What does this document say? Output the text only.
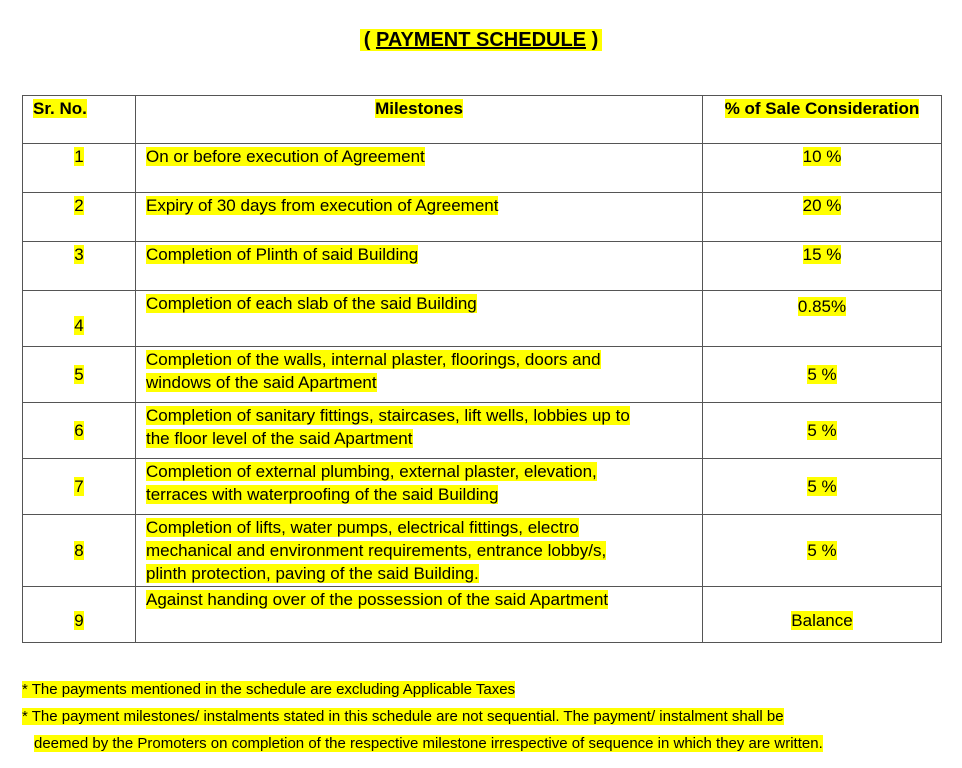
( PAYMENT SCHEDULE )
Sr. No.	Milestones	% of Sale Consideration

1	On or before execution of Agreement	10 %

2	Expiry of 30 days from execution of Agreement	20 %

3	Completion of Plinth of said Building	15 %

4	Completion of each slab of the said Building	0.85%

5	Completion of the walls, internal plaster, floorings, doors and
windows of the said Apartment	5 %

6	Completion of sanitary fittings, staircases, lift wells, lobbies up to
the floor level of the said Apartment	5 %

7	Completion of external plumbing, external plaster, elevation,
terraces with waterproofing of the said Building	5 %

8	Completion of lifts, water pumps, electrical fittings, electro
mechanical and environment requirements, entrance lobby/s,
plinth protection, paving of the said Building.	5 %

9	Against handing over of the possession of the said Apartment	Balance
* The payments mentioned in the schedule are excluding Applicable Taxes
* The payment milestones/ instalments stated in this schedule are not sequential. The payment/ instalment shall be
deemed by the Promoters on completion of the respective milestone irrespective of sequence in which they are written.
